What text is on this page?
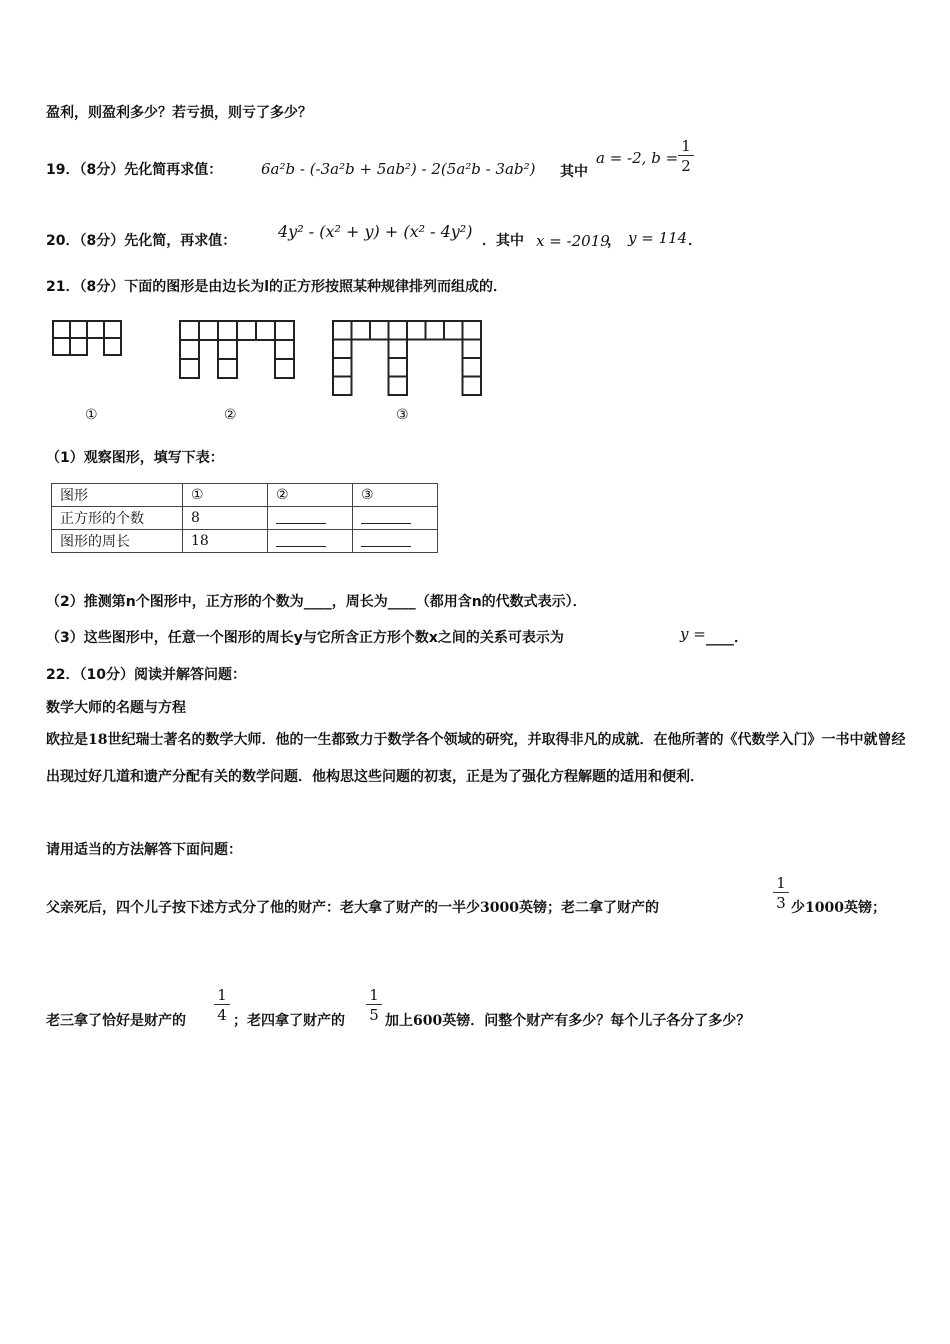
盈利，则盈利多少？若亏损，则亏了多少？
19．（8分）先化简再求值：	6a²b - (-3a²b + 5ab²) - 2(5a²b - 3ab²) 其中
a = -2, $b = \frac{1}{2}$
20．（8分）先化简，再求值：	4y² - (x² + y) + (x² - 4y²) ．其中 x = -2019
， y = 114 ．
21．（8分）下面的图形是由边长为l的正方形按照某种规律排列而组成的．
①	②	③
（1）观察图形，填写下表：
图形	①	②	③
正方形的个数	8		
图形的周长	18		
（2）推测第n个图形中，正方形的个数为____，周长为____（都用含n的代数式表示）．
（3）这些图形中，任意一个图形的周长y与它所含正方形个数x之间的关系可表示为	y = ____．
22．（10分）阅读并解答问题：
数学大师的名题与方程
欧拉是18世纪瑞士著名的数学大师．他的一生都致力于数学各个领域的研究，并取得非凡的成就．在他所著的《代数学入门》一书中就曾经出现过好几道和遗产分配有关的数学问题．他构思这些问题的初衷，正是为了强化方程解题的适用和便利．
请用适当的方法解答下面问题：
父亲死后，四个儿子按下述方式分了他的财产：老大拿了财产的一半少3000英镑；老二拿了财产的	$\frac{1}{3}$ 少1000英镑；
老三拿了恰好是财产的 $\frac{1}{4}$ ；老四拿了财产的 $\frac{1}{5}$ 加上600英镑．问整个财产有多少？每个儿子各分了多少？
